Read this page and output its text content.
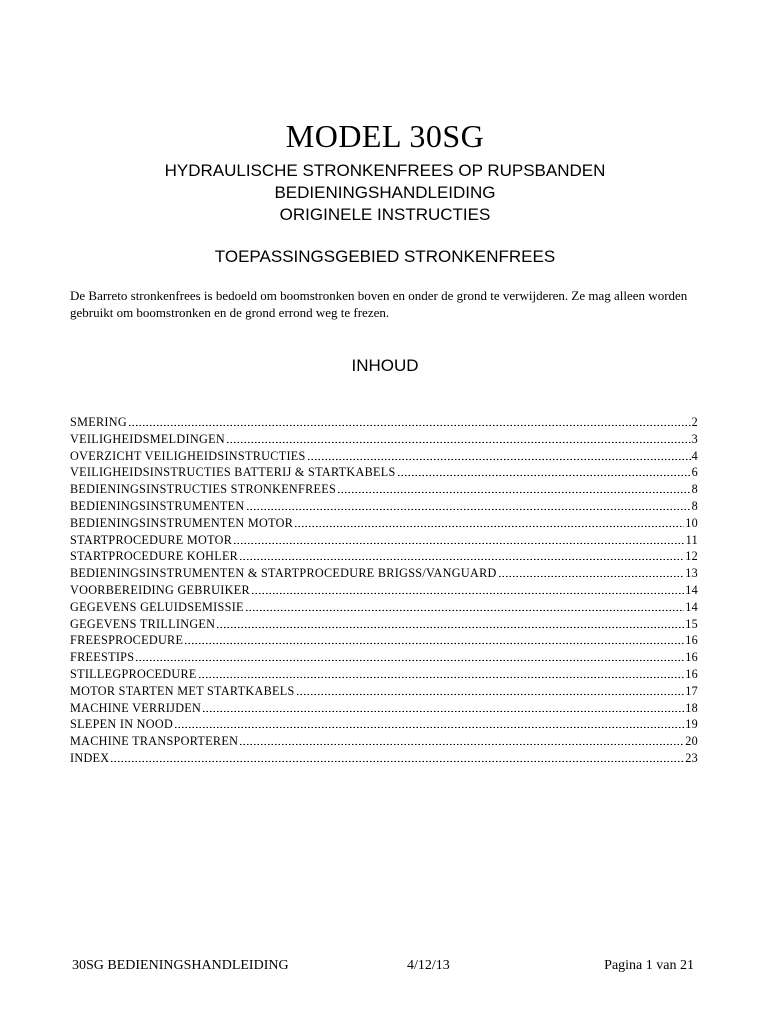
MODEL 30SG
HYDRAULISCHE STRONKENFREES OP RUPSBANDEN
BEDIENINGSHANDLEIDING
ORIGINELE INSTRUCTIES
TOEPASSINGSGEBIED STRONKENFREES
De Barreto stronkenfrees is bedoeld om boomstronken boven en onder de grond te verwijderen. Ze mag alleen worden gebruikt om boomstronken en de grond errond weg te frezen.
INHOUD
SMERING	2
VEILIGHEIDSMELDINGEN	3
OVERZICHT VEILIGHEIDSINSTRUCTIES	4
VEILIGHEIDSINSTRUCTIES BATTERIJ & STARTKABELS	6
BEDIENINGSINSTRUCTIES STRONKENFREES	8
BEDIENINGSINSTRUMENTEN	8
BEDIENINGSINSTRUMENTEN MOTOR	10
STARTPROCEDURE MOTOR	11
STARTPROCEDURE KOHLER	12
BEDIENINGSINSTRUMENTEN & STARTPROCEDURE BRIGSS/VANGUARD	13
VOORBEREIDING GEBRUIKER	14
GEGEVENS GELUIDSEMISSIE	14
GEGEVENS TRILLINGEN	15
FREESPROCEDURE	16
FREESTIPS	16
STILLEGPROCEDURE	16
MOTOR STARTEN MET STARTKABELS	17
MACHINE VERRIJDEN	18
SLEPEN IN NOOD	19
MACHINE TRANSPORTEREN	20
INDEX	23
30SG BEDIENINGSHANDLEIDING	4/12/13	Pagina 1 van 21
